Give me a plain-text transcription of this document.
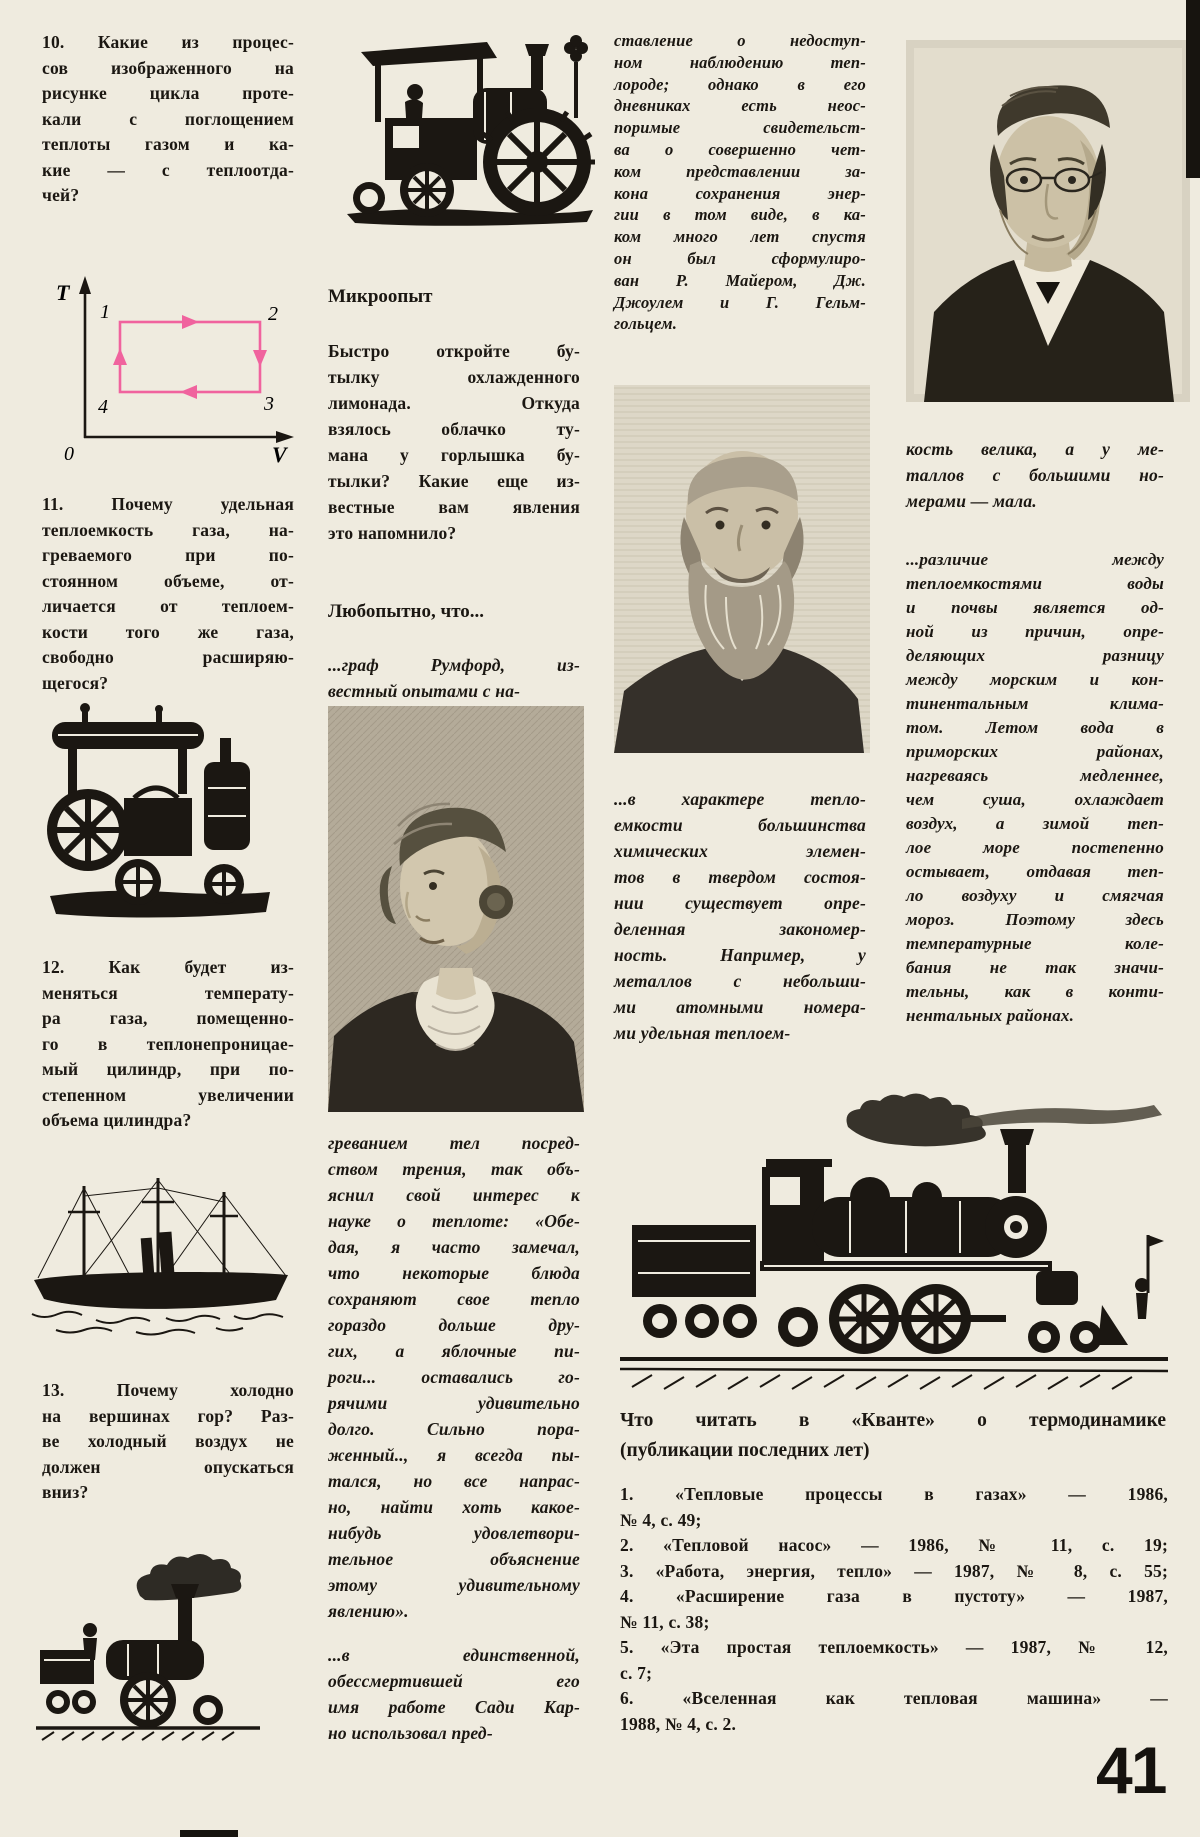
10. Какие из процес-
сов изображенного на
рисунке цикла проте-
кали с поглощением
теплоты газом и ка-
кие — с теплоотда-
чей?
T
0	V
1	2
3
4
11. Почему удельная
теплоемкость газа, на-
греваемого при по-
стоянном объеме, от-
личается от теплоем-
кости того же газа,
свободно расширяю-
щегося?
12. Как будет из-
меняться температу-
ра газа, помещенно-
го в теплонепроницае-
мый цилиндр, при по-
степенном увеличении
объема цилиндра?
13. Почему холодно
на вершинах гор? Раз-
ве холодный воздух не
должен опускаться
вниз?
Микроопыт
Быстро откройте бу-
тылку охлажденного
лимонада. Откуда
взялось облачко ту-
мана у горлышка бу-
тылки? Какие еще из-
вестные вам явления
это напомнило?
Любопытно, что...
...граф Румфорд, из-
вестный опытами с на-
греванием тел посред-
ством трения, так объ-
яснил свой интерес к
науке о теплоте: «Обе-
дая, я часто замечал,
что некоторые блюда
сохраняют свое тепло
гораздо дольше дру-
гих, а яблочные пи-
роги... оставались го-
рячими удивительно
долго. Сильно пора-
женный.., я всегда пы-
тался, но все напрас-
но, найти хоть какое-
нибудь удовлетвори-
тельное объяснение
этому удивительному
явлению».
...в единственной,
обессмертившей его
имя работе Сади Кар-
но использовал пред-
ставление о недоступ-
ном наблюдению теп-
лороде; однако в его
дневниках есть неос-
поримые свидетельст-
ва о совершенно чет-
ком представлении за-
кона сохранения энер-
гии в том виде, в ка-
ком много лет спустя
он был сформулиро-
ван Р. Майером, Дж.
Джоулем и Г. Гельм-
гольцем.
...в характере тепло-
емкости большинства
химических элемен-
тов в твердом состоя-
нии существует опре-
деленная закономер-
ность. Например, у
металлов с небольши-
ми атомными номера-
ми удельная теплоем-
кость велика, а у ме-
таллов с большими но-
мерами — мала.
...различие между
теплоемкостями воды
и почвы является од-
ной из причин, опре-
деляющих разницу
между морским и кон-
тинентальным клима-
том. Летом вода в
приморских районах,
нагреваясь медленнее,
чем суша, охлаждает
воздух, а зимой теп-
лое море постепенно
остывает, отдавая теп-
ло воздуху и смягчая
мороз. Поэтому здесь
температурные коле-
бания не так значи-
тельны, как в конти-
нентальных районах.
Что читать в «Кванте» о термодинамике
(публикации последних лет)
1. «Тепловые процессы в газах» — 1986,
№ 4, с. 49;
2. «Тепловой насос» — 1986, № 11, с. 19;
3. «Работа, энергия, тепло» — 1987, № 8, с. 55;
4. «Расширение газа в пустоту» — 1987,
№ 11, с. 38;
5. «Эта простая теплоемкость» — 1987, № 12,
с. 7;
6. «Вселенная как тепловая машина» —
1988, № 4, с. 2.
41
